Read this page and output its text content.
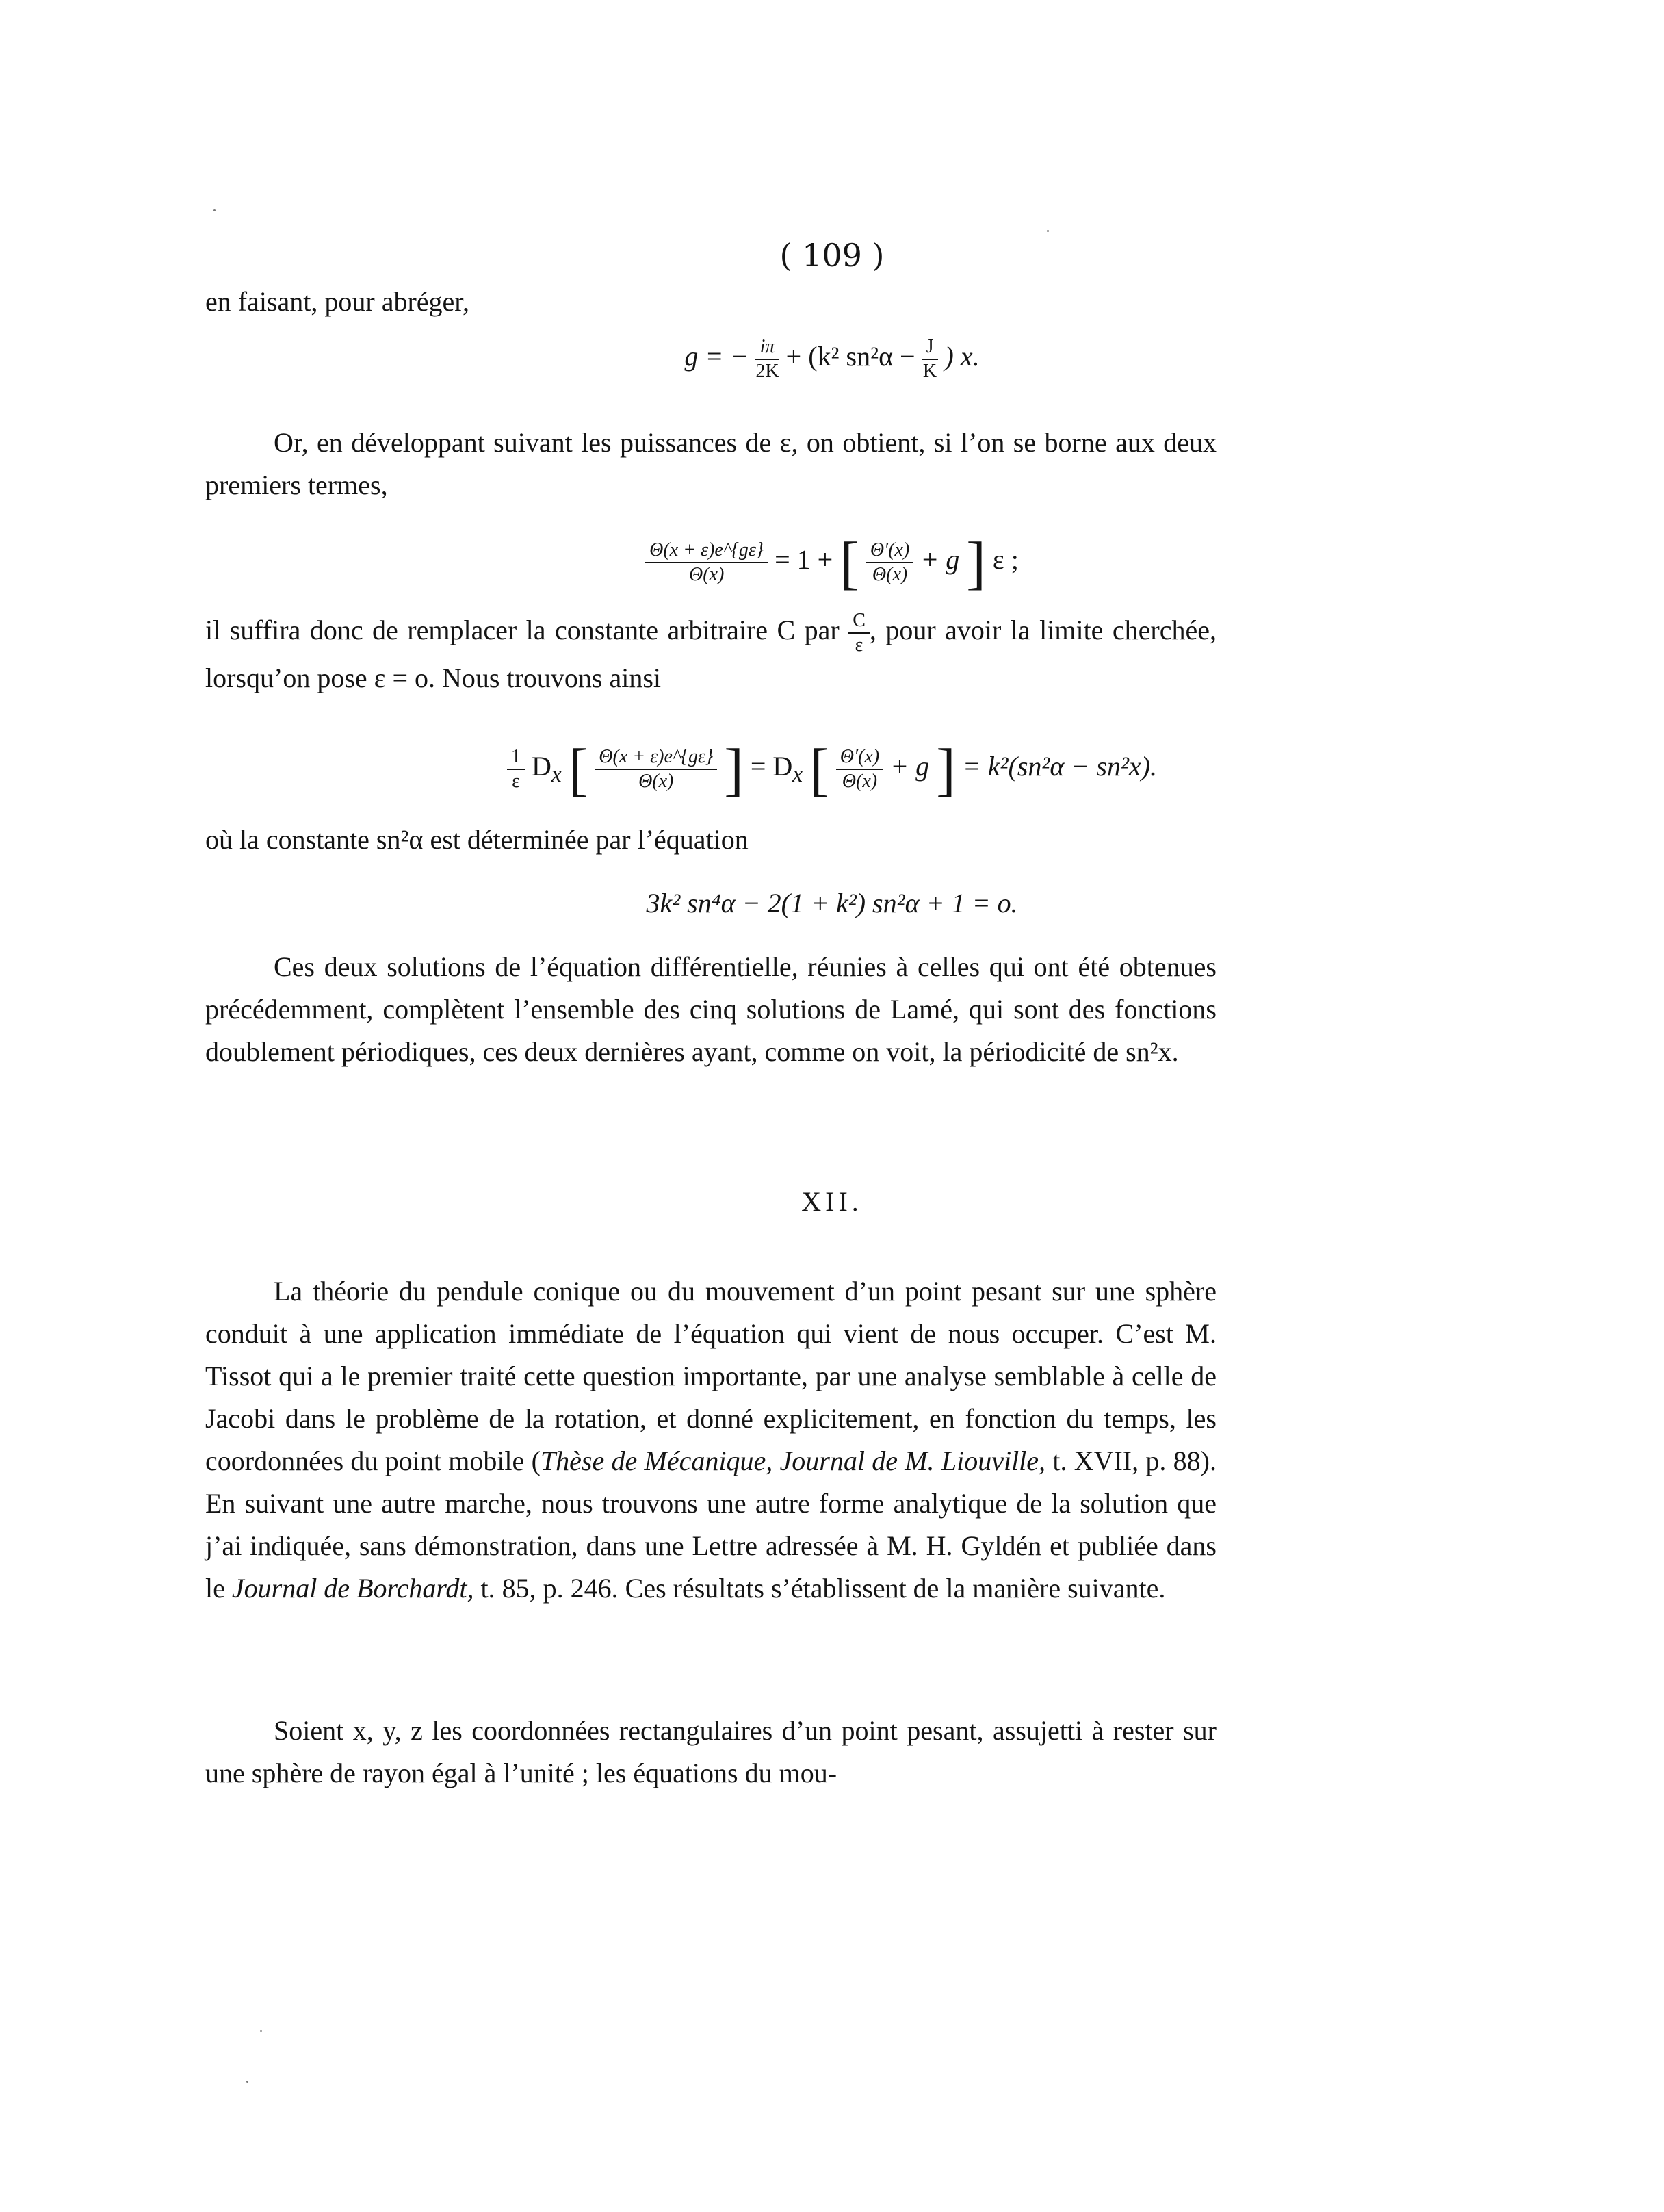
( 109 )
en faisant, pour abréger,
g = − $\frac{i\pi}{2K} + (k^2$ $sn^2\alpha - \frac{J}{K}$ ) x.
Or, en développant suivant les puissances de ε, on obtient, si l’on se borne aux deux premiers termes,
$\frac{\Theta(x + \varepsilon)e\^{}\{g\varepsilon\}}{\Theta(x)} = 1$ + [ $\frac{\Theta'(x)}{\Theta(x)} + g$ ] ε ;
il suffira donc de remplacer la constante arbitraire C par $\frac{C}{\varepsilon}$ , pour avoir la limite cherchée, lorsqu’on pose ε = o. Nous trouvons ainsi
$\frac{1}{\varepsilon} D_x$ [ $\frac{\Theta(x + \varepsilon)e\^{}\{g\varepsilon\}}{\Theta(x)}$ ] = $D_x$ [ $\frac{\Theta'(x)}{\Theta(x)} + g$ ] = k²(sn²α − sn²x).
où la constante sn²α est déterminée par l’équation
3k² sn⁴α − 2(1 + k²) sn²α + 1 = o.
Ces deux solutions de l’équation différentielle, réunies à celles qui ont été obtenues précédemment, complètent l’ensemble des cinq solutions de Lamé, qui sont des fonctions doublement périodiques, ces deux dernières ayant, comme on voit, la périodicité de sn²x.
XII.
La théorie du pendule conique ou du mouvement d’un point pesant sur une sphère conduit à une application immédiate de l’équation qui vient de nous occuper. C’est M. Tissot qui a le premier traité cette question importante, par une analyse semblable à celle de Jacobi dans le problème de la rotation, et donné explicitement, en fonction du temps, les coordonnées du point mobile (Thèse de Mécanique, Journal de M. Liouville, t. XVII, p. 88). En suivant une autre marche, nous trouvons une autre forme analytique de la solution que j’ai indiquée, sans démonstration, dans une Lettre adressée à M. H. Gyldén et publiée dans le Journal de Borchardt, t. 85, p. 246. Ces résultats s’établissent de la manière suivante.
Soient x, y, z les coordonnées rectangulaires d’un point pesant, assujetti à rester sur une sphère de rayon égal à l’unité ; les équations du mou-
